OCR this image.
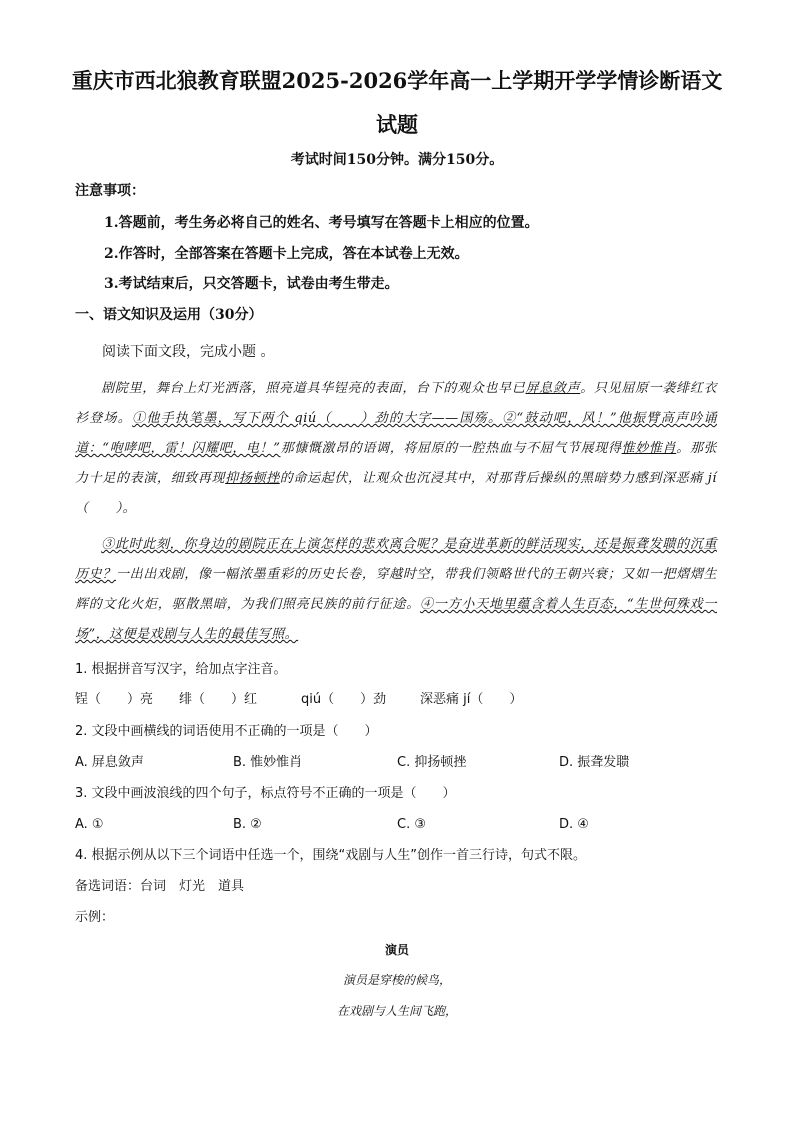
重庆市西北狼教育联盟2025-2026学年高一上学期开学学情诊断语文
试题
考试时间150分钟。满分150分。
注意事项：
1.答题前，考生务必将自己的姓名、考号填写在答题卡上相应的位置。
2.作答时，全部答案在答题卡上完成，答在本试卷上无效。
3.考试结束后，只交答题卡，试卷由考生带走。
一、语文知识及运用（30分）
阅读下面文段，完成小题 。
剧院里，舞台上灯光洒落，照亮道具华锃亮的表面，台下的观众也早已屏息敛声。只见屈原一袭绯红衣衫登场。①他手执笔墨，写下两个 qiú（　　）劲的大字——国殇。②“鼓动吧，风！”他振臂高声吟诵道：“咆哮吧，雷！闪耀吧，电！”那慷慨激昂的语调，将屈原的一腔热血与不屈气节展现得惟妙惟肖。那张力十足的表演，细致再现抑扬顿挫的命运起伏，让观众也沉浸其中，对那背后操纵的黑暗势力感到深恶痛 jí（　　）。
③此时此刻，你身边的剧院正在上演怎样的悲欢离合呢？是奋进革新的鲜活现实，还是振聋发聩的沉重历史？一出出戏剧，像一幅浓墨重彩的历史长卷，穿越时空，带我们领略世代的王朝兴衰；又如一把熠熠生辉的文化火炬，驱散黑暗，为我们照亮民族的前行征途。④一方小天地里蕴含着人生百态，“生世何殊戏一场”，这便是戏剧与人生的最佳写照。
1. 根据拼音写汉字，给加点字注音。
锃（　　）亮 绯（　　）红	qiú（　　）劲	深恶痛 jí（　　）
2. 文段中画横线的词语使用不正确的一项是（　　）
A. 屏息敛声	B. 惟妙惟肖	C. 抑扬顿挫	D. 振聋发聩
3. 文段中画波浪线的四个句子，标点符号不正确的一项是（　　）
A. ①	B. ②	C. ③	D. ④
4. 根据示例从以下三个词语中任选一个，围绕“戏剧与人生”创作一首三行诗，句式不限。
备选词语：台词　灯光　道具
示例：
演员
演员是穿梭的候鸟，
在戏剧与人生间飞跑，
